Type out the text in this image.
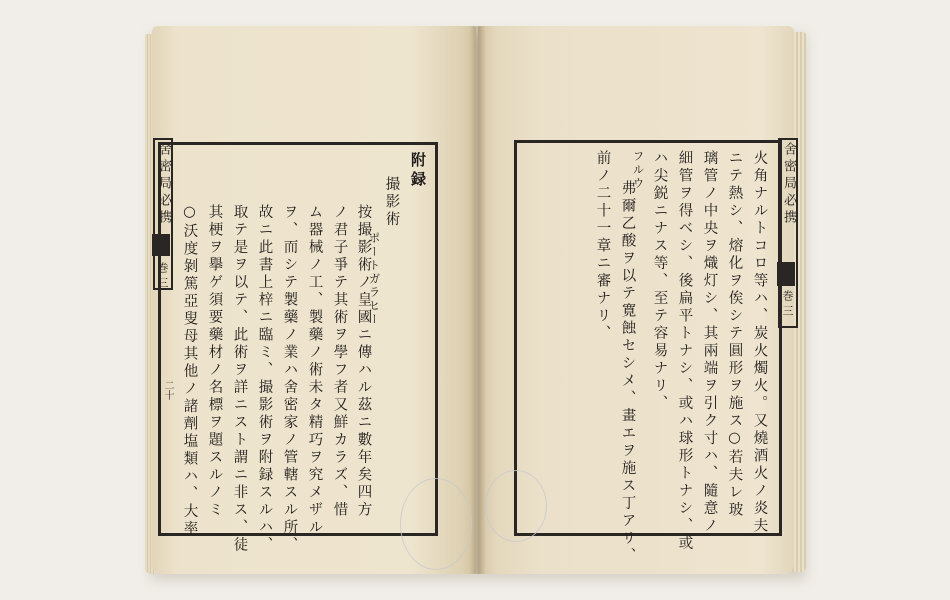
舍密局必携
巻三
二十
附録
撮影術
ポートガラヒー
按撮影術ノ皇國ニ傳ハル茲ニ數年矣四方
ノ君子爭テ其術ヲ學フ者又鮮カラズ、惜
ム器械ノ工、製藥ノ術未タ精巧ヲ究メザル
ヲ、而シテ製藥ノ業ハ舍密家ノ管轄スル所、
故ニ此書上梓ニ臨ミ、撮影術ヲ附録スルハ、
取テ是ヲ以テ、此術ヲ詳ニスト謂ニ非ス、徒
其梗ヲ擧ゲ須要藥材ノ名標ヲ題スルノミ
○沃度剝篤亞叟母其他ノ諸劑塩類ハ、大率	火角ナルトコロ等ハ、炭火燭火。又燒酒火ノ炎夫
ニテ熱シ、熔化ヲ俟シテ圓形ヲ施ス○若夫レ玻
璃管ノ中央ヲ熾灯シ、其兩端ヲ引ク寸ハ、隨意ノ
細管ヲ得ベシ、後扁平トナシ、或ハ球形トナシ、或
ハ尖鋭ニナス等、至テ容易ナリ、
フルウ
弗爾乙酸ヲ以テ寛蝕セシメ、畫エヲ施ス丁アリ、
前ノ二十一章ニ審ナリ、	舍密局必携
巻三
